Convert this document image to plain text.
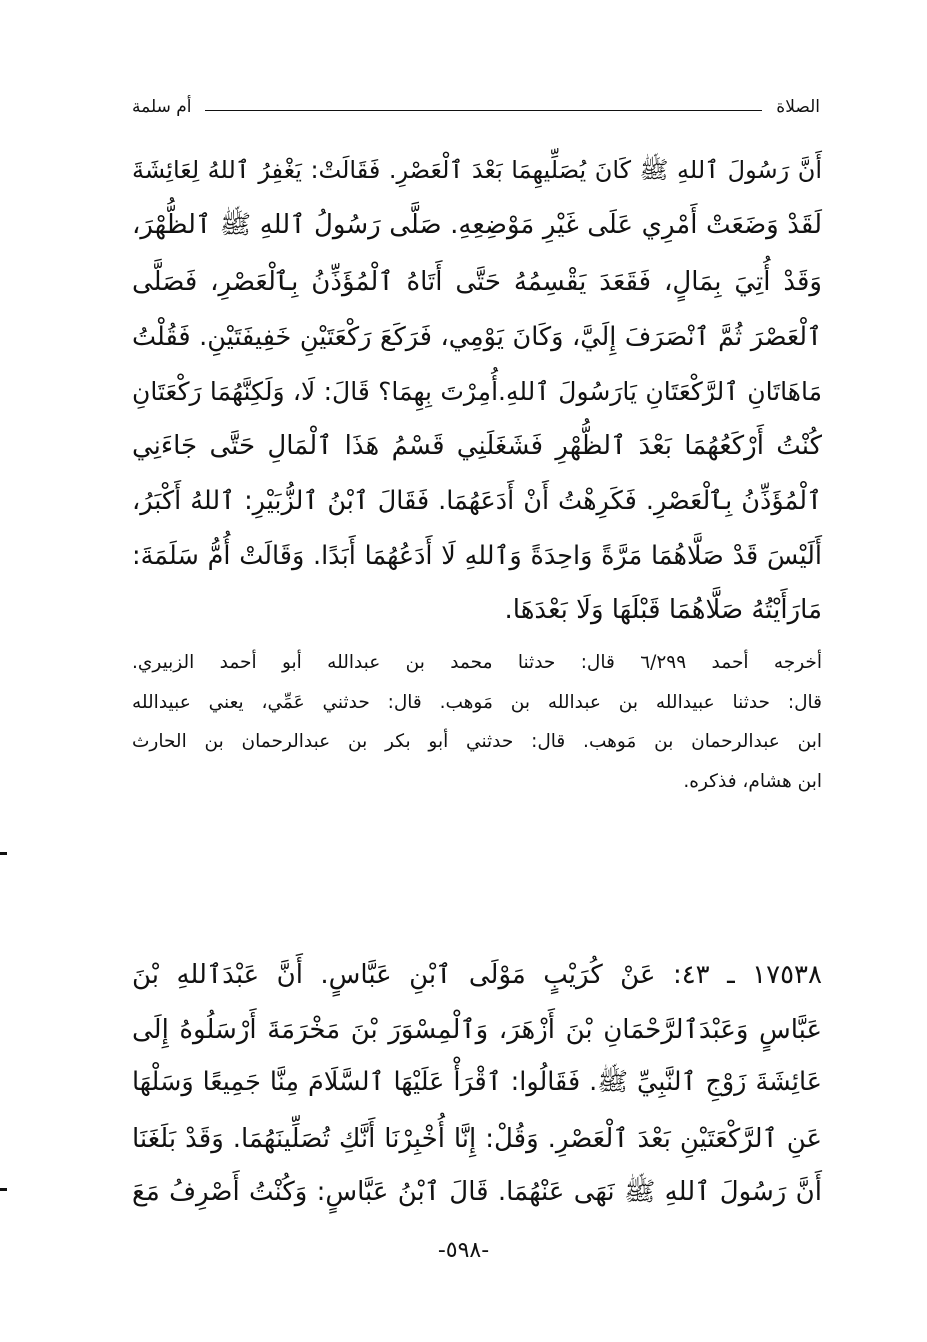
الصلاة
أم سلمة
أَنَّ رَسُولَ ٱللهِ ﷺ كَانَ يُصَلِّيهِمَا بَعْدَ ٱلْعَصْرِ. فَقَالَتْ: يَغْفِرُ ٱللهُ لِعَائِشَةَ
لَقَدْ وَضَعَتْ أَمْرِي عَلَى غَيْرِ مَوْضِعِهِ. صَلَّى رَسُولُ ٱللهِ ﷺ ٱلظُّهْرَ،
وَقَدْ أُتِيَ بِمَالٍ، فَقَعَدَ يَقْسِمُهُ حَتَّى أَتَاهُ ٱلْمُؤَذِّنُ بِٱلْعَصْرِ، فَصَلَّى
ٱلْعَصْرَ ثُمَّ ٱنْصَرَفَ إِلَيَّ، وَكَانَ يَوْمِي، فَرَكَعَ رَكْعَتَيْنِ خَفِيفَتَيْنِ. فَقُلْتُ
مَاهَاتَانِ ٱلرَّكْعَتَانِ يَارَسُولَ ٱللهِ.أُمِرْتَ بِهِمَا؟ قَالَ: لَا، وَلَكِنَّهُمَا رَكْعَتَانِ
كُنْتُ أَرْكَعُهُمَا بَعْدَ ٱلظُّهْرِ فَشَغَلَنِي قَسْمُ هَذَا ٱلْمَالِ حَتَّى جَاءَنِي
ٱلْمُؤَذِّنُ بِٱلْعَصْرِ. فَكَرِهْتُ أَنْ أَدَعَهُمَا. فَقَالَ ٱبْنُ ٱلزُّبَيْرِ: ٱللهُ أَكْبَرُ،
أَلَيْسَ قَدْ صَلَّاهُمَا مَرَّةً وَاحِدَةً وَٱللهِ لَا أَدَعُهُمَا أَبَدًا. وَقَالَتْ أُمُّ سَلَمَةَ:
مَارَأَيْتُهُ صَلَّاهُمَا قَبْلَهَا وَلَا بَعْدَهَا.
أخرجه أحمد ٦/٢٩٩ قال: حدثنا محمد بن عبدالله أبو أحمد الزبيري.
قال: حدثنا عبيدالله بن عبدالله بن مَوهب. قال: حدثني عَمِّي، يعني عبيدالله
ابن عبدالرحمان بن مَوهب. قال: حدثني أبو بكر بن عبدالرحمان بن الحارث
ابن هشام، فذكره.
١٧٥٣٨ ـ ٤٣: عَنْ كُرَيْبٍ مَوْلَى ٱبْنِ عَبَّاسٍ. أَنَّ عَبْدَٱللهِ بْنَ
عَبَّاسٍ وَعَبْدَٱلرَّحْمَانِ بْنَ أَزْهَرَ، وَٱلْمِسْوَرَ بْنَ مَخْرَمَةَ أَرْسَلُوهُ إِلَى
عَائِشَةَ زَوْجِ ٱلنَّبِيِّ ﷺ. فَقَالُوا: ٱقْرَأْ عَلَيْهَا ٱلسَّلَامَ مِنَّا جَمِيعًا وَسَلْهَا
عَنِ ٱلرَّكْعَتَيْنِ بَعْدَ ٱلْعَصْرِ. وَقُلْ: إِنَّا أُخْبِرْنَا أَنَّكِ تُصَلِّينَهُمَا. وَقَدْ بَلَغَنَا
أَنَّ رَسُولَ ٱللهِ ﷺ نَهَى عَنْهُمَا. قَالَ ٱبْنُ عَبَّاسٍ: وَكُنْتُ أَصْرِفُ مَعَ
-٥٩٨-
